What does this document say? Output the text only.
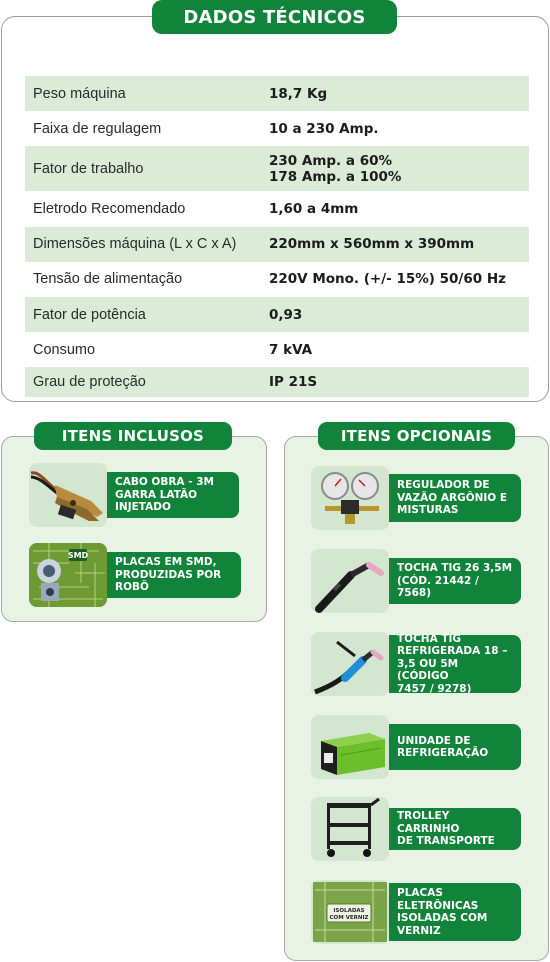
Peso máquina	18,7 Kg
Faixa de regulagem	10 a 230 Amp.
Fator de trabalho	230 Amp. a 60%
178 Amp. a 100%
Eletrodo Recomendado	1,60 a 4mm
Dimensões máquina (L x C x A)	220mm x 560mm x 390mm
Tensão de alimentação	220V Mono. (+/- 15%) 50/60 Hz
Fator de potência	0,93
Consumo	7 kVA
Grau de proteção	IP 21S
DADOS TÉCNICOS
ITENS INCLUSOS
CABO OBRA - 3M
GARRA LATÃO
INJETADO
SMD
PLACAS EM SMD,
PRODUZIDAS POR
ROBÔ
ITENS OPCIONAIS
REGULADOR DE
VAZÃO ARGÔNIO E
MISTURAS
TOCHA TIG 26 3,5M
(CÓD. 21442 / 7568)
TOCHA TIG
REFRIGERADA 18 –
3,5 OU 5M (CÓDIGO
7457 / 9278)
UNIDADE DE
REFRIGERAÇÃO
TROLLEY CARRINHO
DE TRANSPORTE
ISOLADAS
COM VERNIZ
PLACAS
ELETRÔNICAS
ISOLADAS COM
VERNIZ
